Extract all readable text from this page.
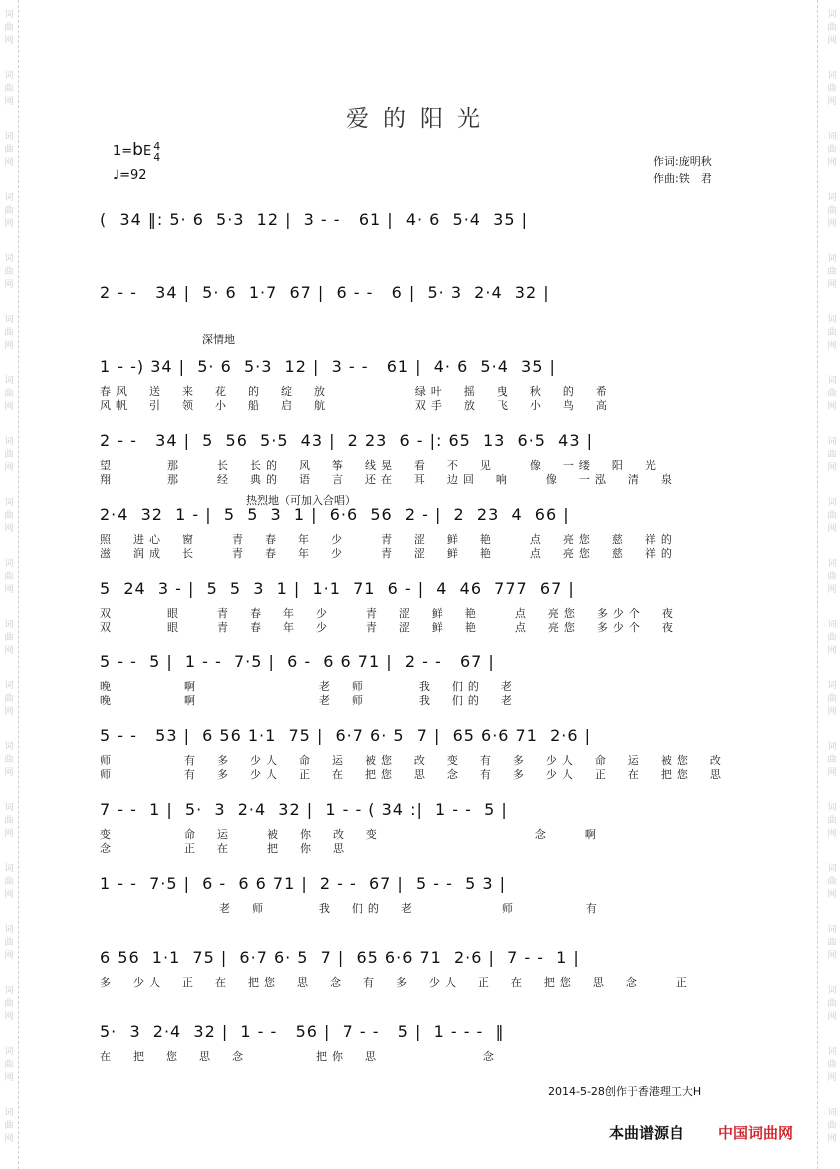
词
曲
网
词
曲
网
词
曲
网
词
曲
网
词
曲
网
词
曲
网
词
曲
网
词
曲
网
词
曲
网
词
曲
网
词
曲
网
词
曲
网
词
曲
网
词
曲
网
词
曲
网
词
曲
网
词
曲
网
词
曲
网
词
曲
网
词
曲
网
词
曲
网
词
曲
网
词
曲
网
词
曲
网
词
曲
网
词
曲
网
词
曲
网
词
曲
网
词
曲
网
词
曲
网
词
曲
网
词
曲
网
词
曲
网
词
曲
网
词
曲
网
词
曲
网
词
曲
网
词
曲
网
爱的阳光
1=bE 4
4
♩=92
作词:庞明秋
作曲:铁　君
深情地
热烈地（可加入合唱）
(  34 ‖: 5· 6  5·3  12 |  3 - -   61 |  4· 6  5·4  35 |
2 - -   34 |  5· 6  1·7  67 |  6 - -   6 |  5· 3  2·4  32 |
1 - -) 34 |  5· 6  5·3  12 |  3 - -   61 |  4· 6  5·4  35 |
春风  送  来  花  的  绽  放          绿叶  摇  曳  秋  的  希
风帆  引  领  小  船  启  航          双手  放  飞  小  鸟  高
2 - -   34 |  5  56  5·5  43 |  2 23  6 - |: 65  13  6·5  43 |
望      那    长  长的  风  筝  线晃  看  不  见    像  一缕  阳  光
翔      那    经  典的  语  言  还在  耳  边回  响    像  一泓  清  泉
2·4  32  1 - |  5  5  3  1 |  6·6  56  2 - |  2  23  4  66 |
照  进心  窗    青  春  年  少    青  涩  鲜  艳    点  亮您  慈  祥的
滋  润成  长    青  春  年  少    青  涩  鲜  艳    点  亮您  慈  祥的
5  24  3 - |  5  5  3  1 |  1·1  71  6 - |  4  46  777  67 |
双      眼    青  春  年  少    青  涩  鲜  艳    点  亮您  多少个  夜
双      眼    青  春  年  少    青  涩  鲜  艳    点  亮您  多少个  夜
5 - -  5 |  1 - -  7·5 |  6 -  6 6 71 |  2 - -   67 |
晚        啊              老  师      我  们的  老
晚        啊              老  师      我  们的  老
5 - -   53 |  6 56 1·1  75 |  6·7 6· 5  7 |  65 6·6 71  2·6 |
师        有  多  少人  命  运  被您  改  变  有  多  少人  命  运  被您  改
师        有  多  少人  正  在  把您  思  念  有  多  少人  正  在  把您  思
7 - -  1 |  5·  3  2·4  32 |  1 - - ( 34 :|  1 - -  5 |
变        命  运    被  你  改  变                  念    啊
念        正  在    把  你  思
1 - -  7·5 |  6 -  6 6 71 |  2 - -  67 |  5 - -  5 3 |
老  师      我  们的  老          师        有
6 56  1·1  75 |  6·7 6· 5  7 |  65 6·6 71  2·6 |  7 - -  1 |
多  少人  正  在  把您  思  念  有  多  少人  正  在  把您  思  念    正
5·  3  2·4  32 |  1 - -   56 |  7 - -   5 |  1 - - -  ‖
在  把  您  思  念        把你  思            念
2014-5-28创作于香港理工大H
本曲谱源自 中国词曲网
